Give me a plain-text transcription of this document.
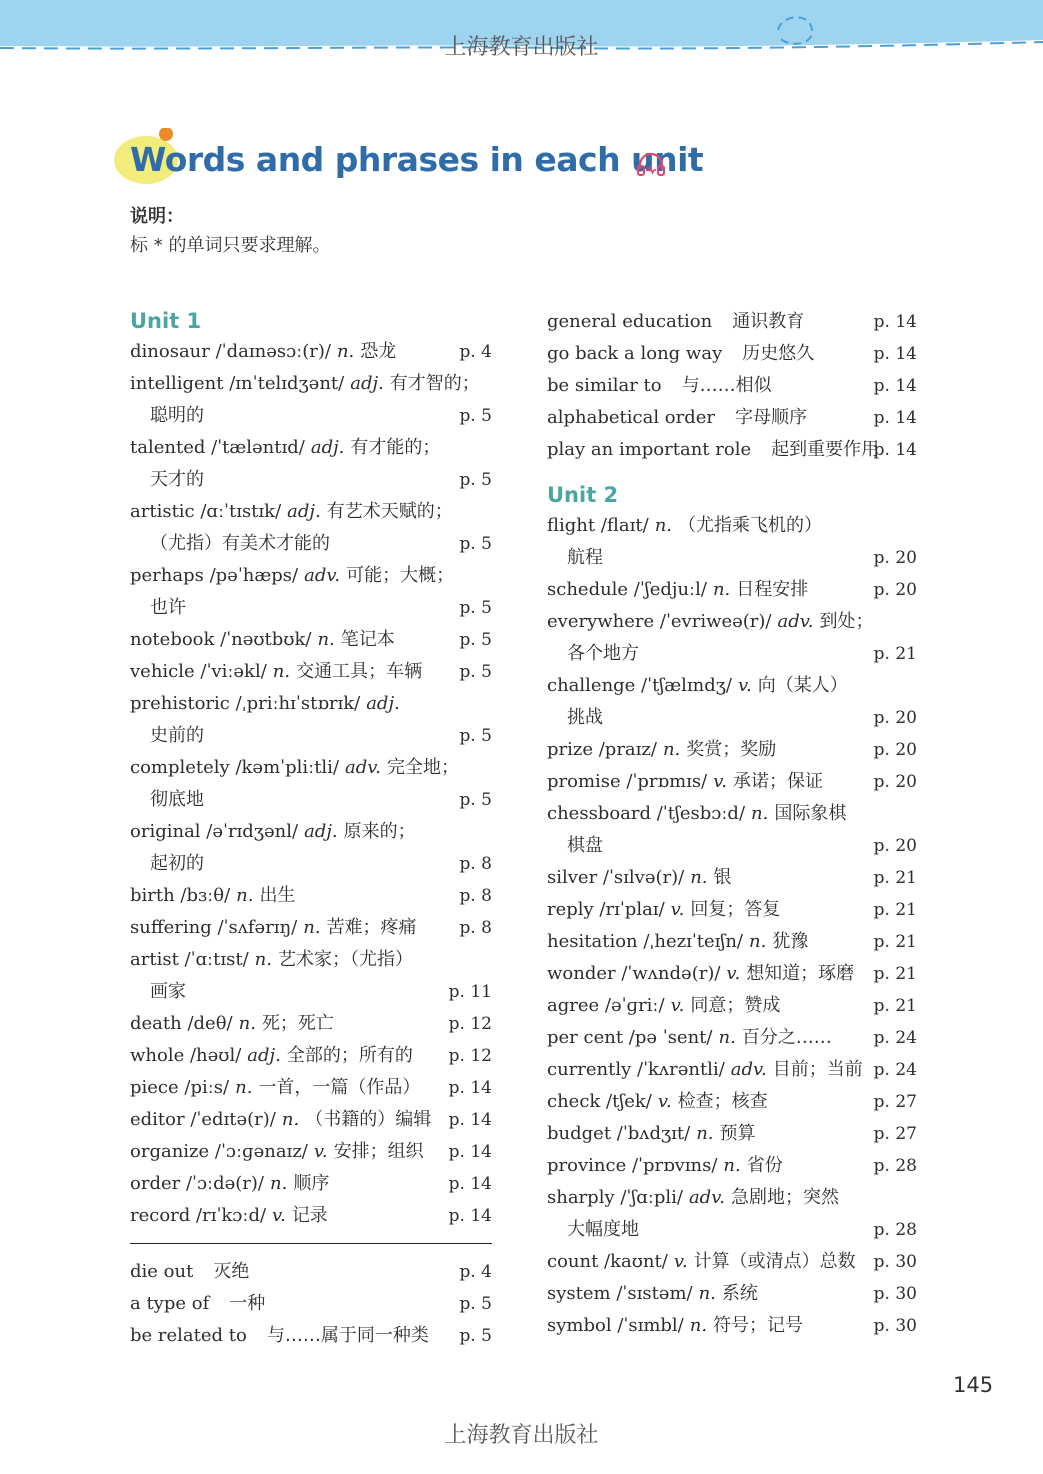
上海教育出版社
Words and phrases in each unit
说明：
标 * 的单词只要求理解。
Unit 1
dinosaur /ˈdaɪnəsɔː(r)/ n. 恐龙	p. 4
intelligent /ɪnˈtelɪdʒənt/ adj. 有才智的；
聪明的	p. 5
talented /ˈtæləntɪd/ adj. 有才能的；
天才的	p. 5
artistic /ɑːˈtɪstɪk/ adj. 有艺术天赋的；
（尤指）有美术才能的	p. 5
perhaps /pəˈhæps/ adv. 可能；大概；
也许	p. 5
notebook /ˈnəʊtbʊk/ n. 笔记本	p. 5
vehicle /ˈviːəkl/ n. 交通工具；车辆 p. 5
prehistoric /ˌpriːhɪˈstɒrɪk/ adj.
史前的	p. 5
completely /kəmˈpliːtli/ adv. 完全地；
彻底地	p. 5
original /əˈrɪdʒənl/ adj. 原来的；
起初的	p. 8
birth /bɜːθ/ n. 出生	p. 8
suffering /ˈsʌfərɪŋ/ n. 苦难；疼痛	p. 8
artist /ˈɑːtɪst/ n. 艺术家；（尤指）
画家	p. 11
death /deθ/ n. 死；死亡	p. 12
whole /həʊl/ adj. 全部的；所有的 p. 12
piece /piːs/ n. 一首，一篇（作品） p. 14
editor /ˈedɪtə(r)/ n. （书籍的）编辑 p. 14
organize /ˈɔːɡənaɪz/ v. 安排；组织 p. 14
order /ˈɔːdə(r)/ n. 顺序	p. 14
record /rɪˈkɔːd/ v. 记录	p. 14
die out 灭绝	p. 4
a type of 一种	p. 5
be related to 与……属于同一种类 p. 5
general education 通识教育	p. 14
go back a long way 历史悠久	p. 14
be similar to 与……相似	p. 14
alphabetical order 字母顺序	p. 14
play an important role 起到重要作用
p. 14
Unit 2
flight /flaɪt/ n. （尤指乘飞机的）
航程	p. 20
schedule /ˈʃedjuːl/ n. 日程安排	p. 20
everywhere /ˈevriweə(r)/ adv. 到处；
各个地方	p. 21
challenge /ˈtʃælɪndʒ/ v. 向（某人）
挑战	p. 20
prize /praɪz/ n. 奖赏；奖励	p. 20
promise /ˈprɒmɪs/ v. 承诺；保证	p. 20
chessboard /ˈtʃesbɔːd/ n. 国际象棋
棋盘	p. 20
silver /ˈsɪlvə(r)/ n. 银	p. 21
reply /rɪˈplaɪ/ v. 回复；答复	p. 21
hesitation /ˌhezɪˈteɪʃn/ n. 犹豫	p. 21
wonder /ˈwʌndə(r)/ v. 想知道；琢磨 p. 21
agree /əˈɡriː/ v. 同意；赞成	p. 21
per cent /pə ˈsent/ n. 百分之…… p. 24
currently /ˈkʌrəntli/ adv. 目前；当前 p. 24
check /tʃek/ v. 检查；核查	p. 27
budget /ˈbʌdʒɪt/ n. 预算	p. 27
province /ˈprɒvɪns/ n. 省份	p. 28
sharply /ˈʃɑːpli/ adv. 急剧地；突然
大幅度地	p. 28
count /kaʊnt/ v. 计算（或清点）总数 p. 30
system /ˈsɪstəm/ n. 系统	p. 30
symbol /ˈsɪmbl/ n. 符号；记号	p. 30
145
上海教育出版社
